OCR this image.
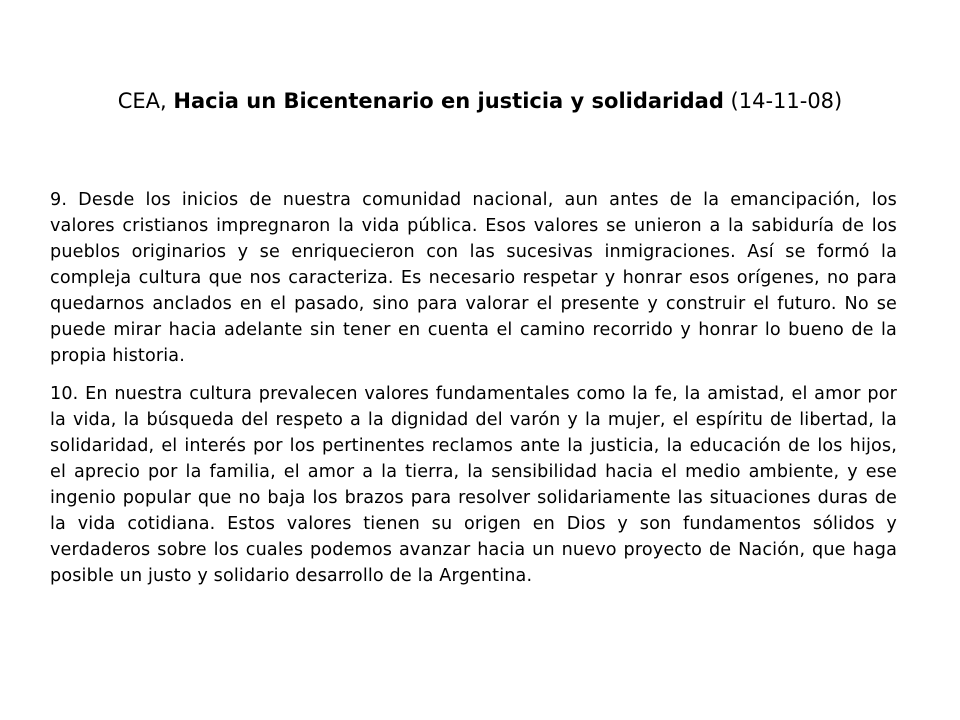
CEA, Hacia un Bicentenario en justicia y solidaridad (14-11-08)

9. Desde los inicios de nuestra comunidad nacional, aun antes de la emancipación, los valores cristianos impregnaron la vida pública. Esos valores se unieron a la sabiduría de los pueblos originarios y se enriquecieron con las sucesivas inmigraciones. Así se formó la compleja cultura que nos caracteriza. Es necesario respetar y honrar esos orígenes, no para quedarnos anclados en el pasado, sino para valorar el presente y construir el futuro. No se puede mirar hacia adelante sin tener en cuenta el camino recorrido y honrar lo bueno de la propia historia.

10. En nuestra cultura prevalecen valores fundamentales como la fe, la amistad, el amor por la vida, la búsqueda del respeto a la dignidad del varón y la mujer, el espíritu de libertad, la solidaridad, el interés por los pertinentes reclamos ante la justicia, la educación de los hijos, el aprecio por la familia, el amor a la tierra, la sensibilidad hacia el medio ambiente, y ese ingenio popular que no baja los brazos para resolver solidariamente las situaciones duras de la vida cotidiana. Estos valores tienen su origen en Dios y son fundamentos sólidos y verdaderos sobre los cuales podemos avanzar hacia un nuevo proyecto de Nación, que haga posible un justo y solidario desarrollo de la Argentina.
